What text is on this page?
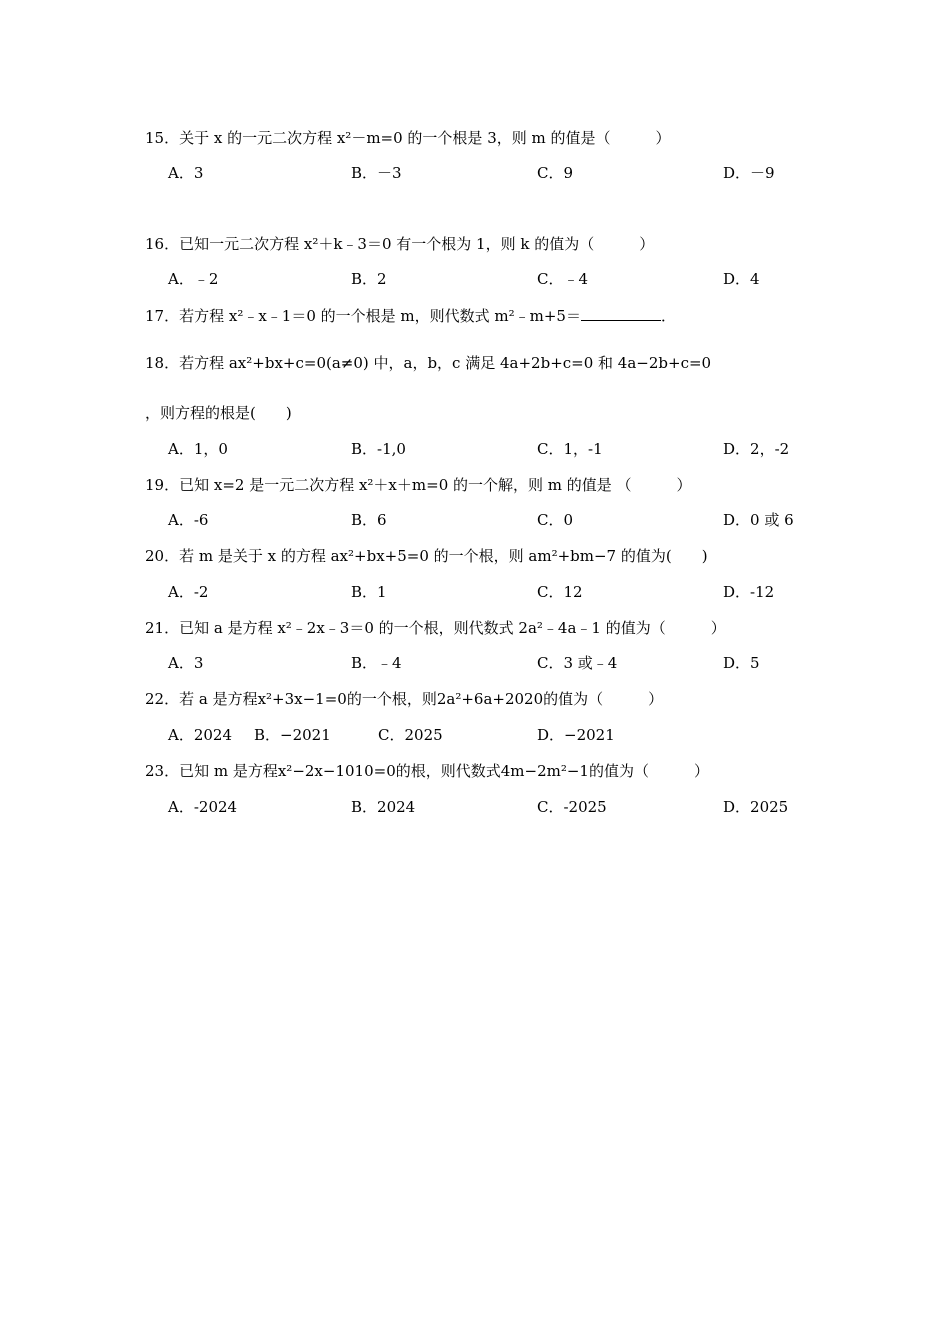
15．关于 x 的一元二次方程 x²－m=0 的一个根是 3，则 m 的值是（　　　）
A．3	B．－3	C．9	D．－9
16．已知一元二次方程 x²＋k﹣3＝0 有一个根为 1，则 k 的值为（　　　）
A．﹣2	B．2	C．﹣4	D．4
17．若方程 x²﹣x﹣1＝0 的一个根是 m，则代数式 m²﹣m+5＝	．
18．若方程 ax²+bx+c=0(a≠0) 中，a，b，c 满足 4a+2b+c=0 和 4a−2b+c=0
，则方程的根是(　　)
A．1，0	B．-1,0	C．1，-1	D．2，-2
19．已知 x=2 是一元二次方程 x²＋x＋m=0 的一个解，则 m 的值是 （　　　）
A．-6	B．6	C．0	D．0 或 6
20．若 m 是关于 x 的方程 ax²+bx+5=0 的一个根，则 am²+bm−7 的值为(　　)
A．-2	B．1	C．12	D．-12
21．已知 a 是方程 x²﹣2x﹣3＝0 的一个根，则代数式 2a²﹣4a﹣1 的值为（　　　）
A．3	B．﹣4	C．3 或﹣4	D．5
22．若 a 是方程x²+3x−1=0的一个根，则2a²+6a+2020的值为（　　　）
A．2024 B．−2021	C．2025	D．−2021
23．已知 m 是方程x²−2x−1010=0的根，则代数式4m−2m²−1的值为（　　　）
A．-2024	B．2024	C．-2025	D．2025
